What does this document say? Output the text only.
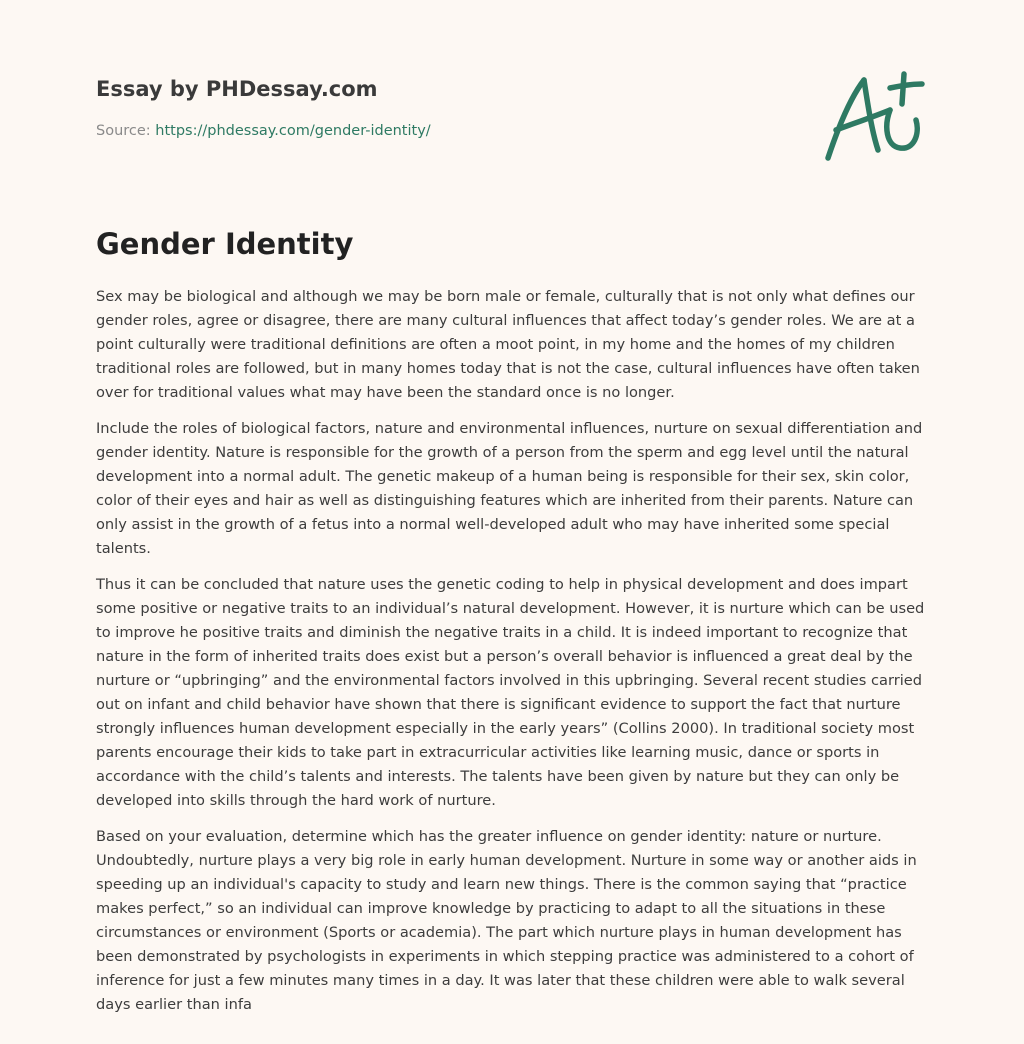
Essay by PHDessay.com
Source: https://phdessay.com/gender-identity/
Gender Identity

Sex may be biological and although we may be born male or female, culturally that is not only what defines our gender roles, agree or disagree, there are many cultural influences that affect today’s gender roles. We are at a point culturally were traditional definitions are often a moot point, in my home and the homes of my children traditional roles are followed, but in many homes today that is not the case, cultural influences have often taken over for traditional values what may have been the standard once is no longer.

Include the roles of biological factors, nature and environmental influences, nurture on sexual differentiation and gender identity. Nature is responsible for the growth of a person from the sperm and egg level until the natural development into a normal adult. The genetic makeup of a human being is responsible for their sex, skin color, color of their eyes and hair as well as distinguishing features which are inherited from their parents. Nature can only assist in the growth of a fetus into a normal well-developed adult who may have inherited some special talents.

Thus it can be concluded that nature uses the genetic coding to help in physical development and does impart some positive or negative traits to an individual’s natural development. However, it is nurture which can be used to improve he positive traits and diminish the negative traits in a child. It is indeed important to recognize that nature in the form of inherited traits does exist but a person’s overall behavior is influenced a great deal by the nurture or “upbringing” and the environmental factors involved in this upbringing. Several recent studies carried out on infant and child behavior have shown that there is significant evidence to support the fact that nurture strongly influences human development especially in the early years” (Collins 2000). In traditional society most parents encourage their kids to take part in extracurricular activities like learning music, dance or sports in accordance with the child’s talents and interests. The talents have been given by nature but they can only be developed into skills through the hard work of nurture.

Based on your evaluation, determine which has the greater influence on gender identity: nature or nurture. Undoubtedly, nurture plays a very big role in early human development. Nurture in some way or another aids in speeding up an individual's capacity to study and learn new things. There is the common saying that “practice makes perfect,” so an individual can improve knowledge by practicing to adapt to all the situations in these circumstances or environment (Sports or academia). The part which nurture plays in human development has been demonstrated by psychologists in experiments in which stepping practice was administered to a cohort of inference for just a few minutes many times in a day. It was later that these children were able to walk several days earlier than infa
